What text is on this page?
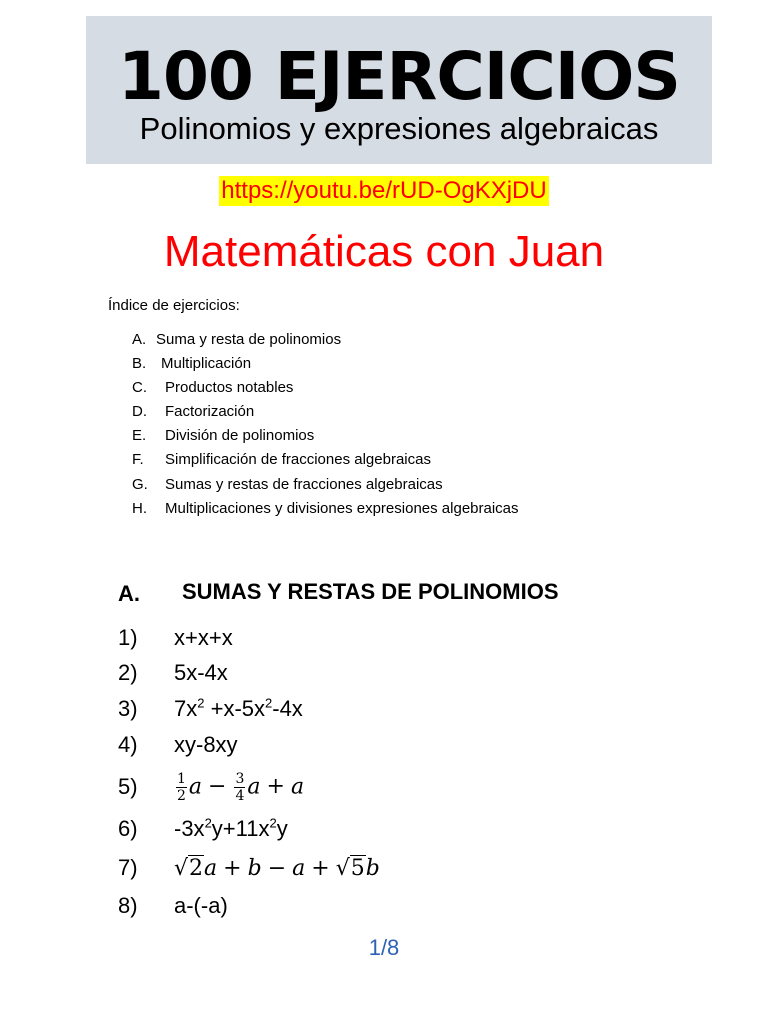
100 EJERCICIOS
Polinomios y expresiones algebraicas
https://youtu.be/rUD-OgKXjDU
Matemáticas con Juan
Índice de ejercicios:
A. Suma y resta de polinomios
B. Multiplicación
C.	Productos notables
D.	Factorización
E.	División de polinomios
F.	Simplificación de fracciones algebraicas
G.	Sumas y restas de fracciones algebraicas
H.	Multiplicaciones y divisiones expresiones algebraicas
A. SUMAS Y RESTAS DE POLINOMIOS
1)	x+x+x
2)	5x-4x
3)	$7x^2 +x-5x^2-4x$
4)	xy-8xy
5)	$\frac{1}{2}$ $a - \frac{3}{4}$ a + a
6)	$-3x^2y+11x^2y$
7)	√2a + b − a + √5b
8)	a-(-a)
1/8
